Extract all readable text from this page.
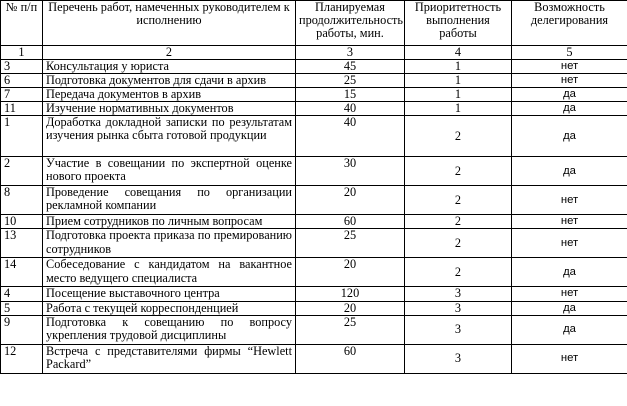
№ п/п	Перечень работ, намеченных руководителем к исполнению	Планируемая продолжительность работы, мин.	Приоритетность выполнения работы	Возможность делегирования
1	2	3	4	5
3	Консультация у юриста	45	1	нет
6	Подготовка документов для сдачи в архив	25	1	нет
7	Передача документов в архив	15	1	да
11	Изучение нормативных документов	40	1	да
1	Доработка докладной записки по результатам изучения рынка сбыта готовой продукции	40	2	да
2	Участие в совещании по экспертной оценке нового проекта	30	2	да
8	Проведение совещания по организации рекламной компании	20	2	нет
10	Прием сотрудников по личным вопросам	60	2	нет
13	Подготовка проекта приказа по премированию сотрудников	25	2	нет
14	Собеседование с кандидатом на вакантное место ведущего специалиста	20	2	да
4	Посещение выставочного центра	120	3	нет
5	Работа с текущей корреспонденцией	20	3	да
9	Подготовка к совещанию по вопросу укрепления трудовой дисциплины	25	3	да
12	Встреча с представителями фирмы “Hewlett Packard”	60	3	нет
